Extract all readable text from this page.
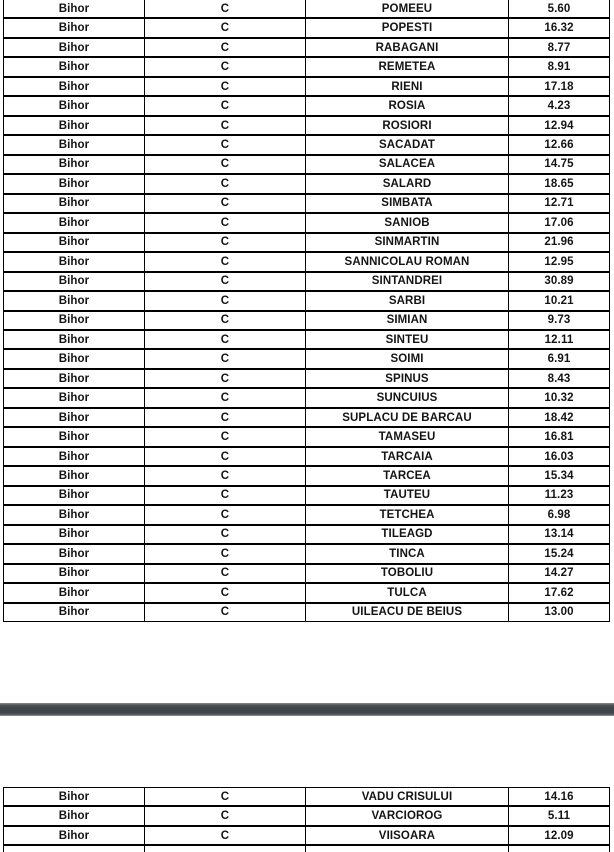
Bihor	C	POMEEU	5.60
Bihor	C	POPESTI	16.32
Bihor	C	RABAGANI	8.77
Bihor	C	REMETEA	8.91
Bihor	C	RIENI	17.18
Bihor	C	ROSIA	4.23
Bihor	C	ROSIORI	12.94
Bihor	C	SACADAT	12.66
Bihor	C	SALACEA	14.75
Bihor	C	SALARD	18.65
Bihor	C	SIMBATA	12.71
Bihor	C	SANIOB	17.06
Bihor	C	SINMARTIN	21.96
Bihor	C	SANNICOLAU ROMAN	12.95
Bihor	C	SINTANDREI	30.89
Bihor	C	SARBI	10.21
Bihor	C	SIMIAN	9.73
Bihor	C	SINTEU	12.11
Bihor	C	SOIMI	6.91
Bihor	C	SPINUS	8.43
Bihor	C	SUNCUIUS	10.32
Bihor	C	SUPLACU DE BARCAU	18.42
Bihor	C	TAMASEU	16.81
Bihor	C	TARCAIA	16.03
Bihor	C	TARCEA	15.34
Bihor	C	TAUTEU	11.23
Bihor	C	TETCHEA	6.98
Bihor	C	TILEAGD	13.14
Bihor	C	TINCA	15.24
Bihor	C	TOBOLIU	14.27
Bihor	C	TULCA	17.62
Bihor	C	UILEACU DE BEIUS	13.00
Bihor	C	VADU CRISULUI	14.16
Bihor	C	VARCIOROG	5.11
Bihor	C	VIISOARA	12.09
